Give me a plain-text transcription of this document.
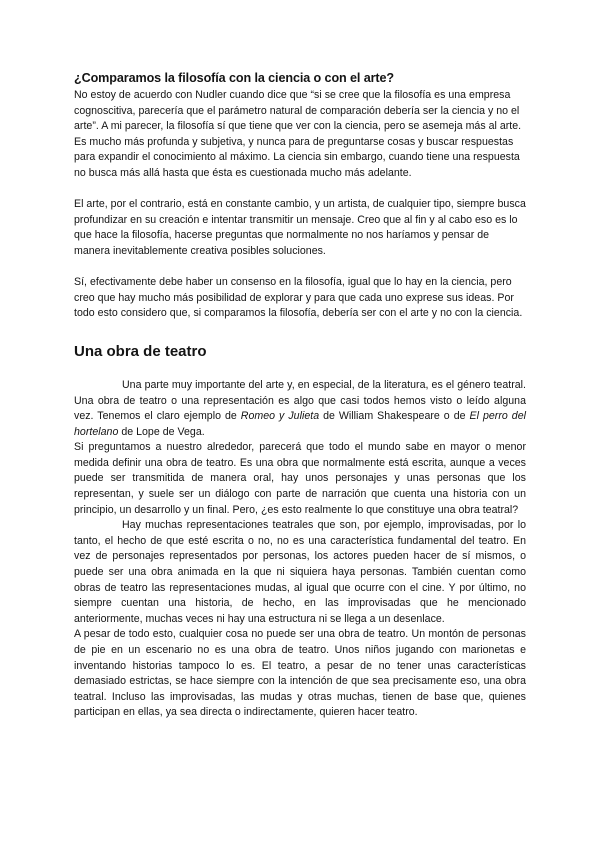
¿Comparamos la filosofía con la ciencia o con el arte?

No estoy de acuerdo con Nudler cuando dice que “si se cree que la filosofía es una empresa cognoscitiva, parecería que el parámetro natural de comparación debería ser la ciencia y no el arte”. A mi parecer, la filosofía sí que tiene que ver con la ciencia, pero se asemeja más al arte. Es mucho más profunda y subjetiva, y nunca para de preguntarse cosas y buscar respuestas para expandir el conocimiento al máximo. La ciencia sin embargo, cuando tiene una respuesta no busca más allá hasta que ésta es cuestionada mucho más adelante.

El arte, por el contrario, está en constante cambio, y un artista, de cualquier tipo, siempre busca profundizar en su creación e intentar transmitir un mensaje. Creo que al fin y al cabo eso es lo que hace la filosofía, hacerse preguntas que normalmente no nos haríamos y pensar de manera inevitablemente creativa posibles soluciones.

Sí, efectivamente debe haber un consenso en la filosofía, igual que lo hay en la ciencia, pero creo que hay mucho más posibilidad de explorar y para que cada uno exprese sus ideas. Por todo esto considero que, si comparamos la filosofía, debería ser con el arte y no con la ciencia.

Una obra de teatro

Una parte muy importante del arte y, en especial, de la literatura, es el género teatral. Una obra de teatro o una representación es algo que casi todos hemos visto o leído alguna vez. Tenemos el claro ejemplo de Romeo y Julieta de William Shakespeare o de El perro del hortelano de Lope de Vega.

Si preguntamos a nuestro alrededor, parecerá que todo el mundo sabe en mayor o menor medida definir una obra de teatro. Es una obra que normalmente está escrita, aunque a veces puede ser transmitida de manera oral, hay unos personajes y unas personas que los representan, y suele ser un diálogo con parte de narración que cuenta una historia con un principio, un desarrollo y un final. Pero, ¿es esto realmente lo que constituye una obra teatral?

Hay muchas representaciones teatrales que son, por ejemplo, improvisadas, por lo tanto, el hecho de que esté escrita o no, no es una característica fundamental del teatro. En vez de personajes representados por personas, los actores pueden hacer de sí mismos, o puede ser una obra animada en la que ni siquiera haya personas. También cuentan como obras de teatro las representaciones mudas, al igual que ocurre con el cine. Y por último, no siempre cuentan una historia, de hecho, en las improvisadas que he mencionado anteriormente, muchas veces ni hay una estructura ni se llega a un desenlace.

A pesar de todo esto, cualquier cosa no puede ser una obra de teatro. Un montón de personas de pie en un escenario no es una obra de teatro. Unos niños jugando con marionetas e inventando historias tampoco lo es. El teatro, a pesar de no tener unas características demasiado estrictas, se hace siempre con la intención de que sea precisamente eso, una obra teatral. Incluso las improvisadas, las mudas y otras muchas, tienen de base que, quienes participan en ellas, ya sea directa o indirectamente, quieren hacer teatro.
